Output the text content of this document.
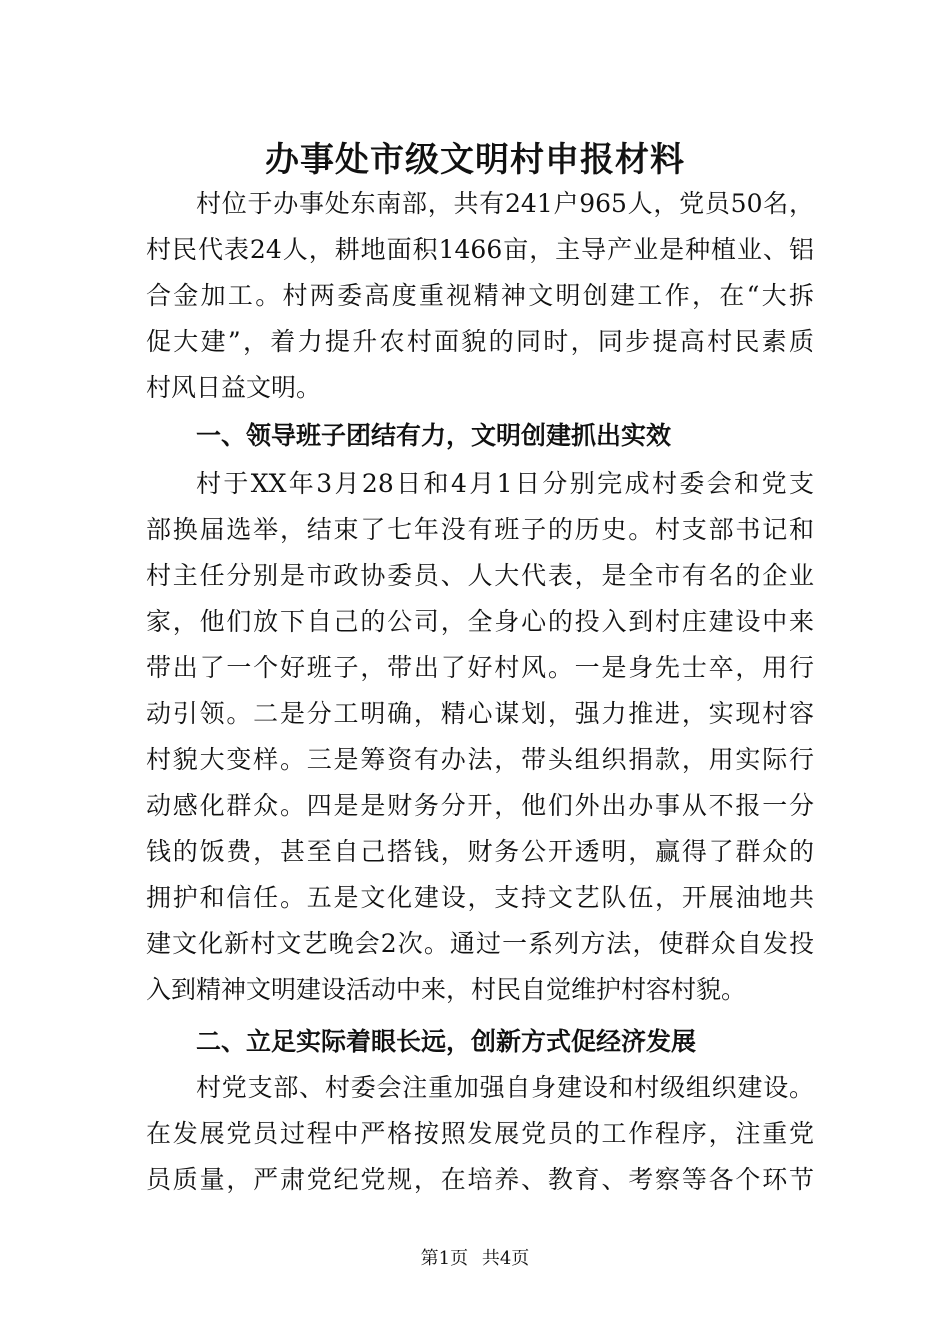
办事处市级文明村申报材料
村位于办事处东南部，共有241户965人，党员50名，
村民代表24人，耕地面积1466亩，主导产业是种植业、铝
合金加工。村两委高度重视精神文明创建工作，在“大拆
促大建”，着力提升农村面貌的同时，同步提高村民素质
村风日益文明。
一、领导班子团结有力，文明创建抓出实效
村于XX年3月28日和4月1日分别完成村委会和党支
部换届选举，结束了七年没有班子的历史。村支部书记和
村主任分别是市政协委员、人大代表，是全市有名的企业
家，他们放下自己的公司，全身心的投入到村庄建设中来
带出了一个好班子，带出了好村风。一是身先士卒，用行
动引领。二是分工明确，精心谋划，强力推进，实现村容
村貌大变样。三是筹资有办法，带头组织捐款，用实际行
动感化群众。四是是财务分开，他们外出办事从不报一分
钱的饭费，甚至自己搭钱，财务公开透明，赢得了群众的
拥护和信任。五是文化建设，支持文艺队伍，开展油地共
建文化新村文艺晚会2次。通过一系列方法，使群众自发投
入到精神文明建设活动中来，村民自觉维护村容村貌。
二、立足实际着眼长远，创新方式促经济发展
村党支部、村委会注重加强自身建设和村级组织建设。
在发展党员过程中严格按照发展党员的工作程序，注重党
员质量，严肃党纪党规，在培养、教育、考察等各个环节
第1页 共4页
